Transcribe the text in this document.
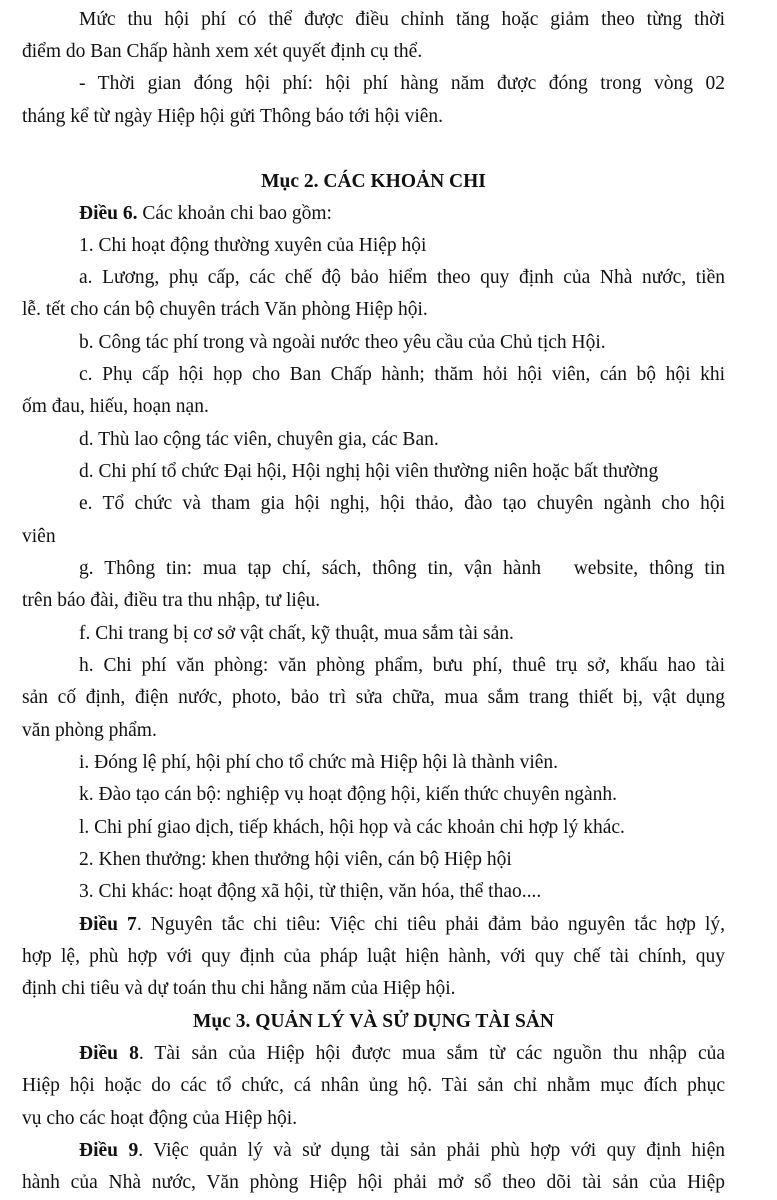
Mức thu hội phí có thể được điều chỉnh tăng hoặc giảm theo từng thời
điểm do Ban Chấp hành xem xét quyết định cụ thể.
- Thời gian đóng hội phí: hội phí hàng năm được đóng trong vòng 02
tháng kể từ ngày Hiệp hội gửi Thông báo tới hội viên.
Mục 2. CÁC KHOẢN CHI
Điều 6. Các khoản chi bao gồm:
1. Chi hoạt động thường xuyên của Hiệp hội
a. Lương, phụ cấp, các chế độ bảo hiểm theo quy định của Nhà nước, tiền
lễ. tết cho cán bộ chuyên trách Văn phòng Hiệp hội.
b. Công tác phí trong và ngoài nước theo yêu cầu của Chủ tịch Hội.
c. Phụ cấp hội họp cho Ban Chấp hành; thăm hỏi hội viên, cán bộ hội khi
ốm đau, hiếu, hoạn nạn.
d. Thù lao cộng tác viên, chuyên gia, các Ban.
d. Chi phí tổ chức Đại hội, Hội nghị hội viên thường niên hoặc bất thường
e. Tổ chức và tham gia hội nghị, hội thảo, đào tạo chuyên ngành cho hội
viên
g. Thông tin: mua tạp chí, sách, thông tin, vận hành   website, thông tin
trên báo đài, điều tra thu nhập, tư liệu.
f. Chi trang bị cơ sở vật chất, kỹ thuật, mua sắm tài sản.
h. Chi phí văn phòng: văn phòng phẩm, bưu phí, thuê trụ sở, khấu hao tài
sản cố định, điện nước, photo, bảo trì sửa chữa, mua sắm trang thiết bị, vật dụng
văn phòng phẩm.
i. Đóng lệ phí, hội phí cho tổ chức mà Hiệp hội là thành viên.
k. Đào tạo cán bộ: nghiệp vụ hoạt động hội, kiến thức chuyên ngành.
l. Chi phí giao dịch, tiếp khách, hội họp và các khoản chi hợp lý khác.
2. Khen thưởng: khen thưởng hội viên, cán bộ Hiệp hội
3. Chi khác: hoạt động xã hội, từ thiện, văn hóa, thể thao....
Điều 7. Nguyên tắc chi tiêu: Việc chi tiêu phải đảm bảo nguyên tắc hợp lý,
hợp lệ, phù hợp với quy định của pháp luật hiện hành, với quy chế tài chính, quy
định chi tiêu và dự toán thu chi hằng năm của Hiệp hội.
Mục 3. QUẢN LÝ VÀ SỬ DỤNG TÀI SẢN
Điều 8. Tài sản của Hiệp hội được mua sắm từ các nguồn thu nhập của
Hiệp hội hoặc do các tổ chức, cá nhân ủng hộ. Tài sản chỉ nhằm mục đích phục
vụ cho các hoạt động của Hiệp hội.
Điều 9. Việc quản lý và sử dụng tài sản phải phù hợp với quy định hiện
hành của Nhà nước, Văn phòng Hiệp hội phải mở sổ theo dõi tài sản của Hiệp
